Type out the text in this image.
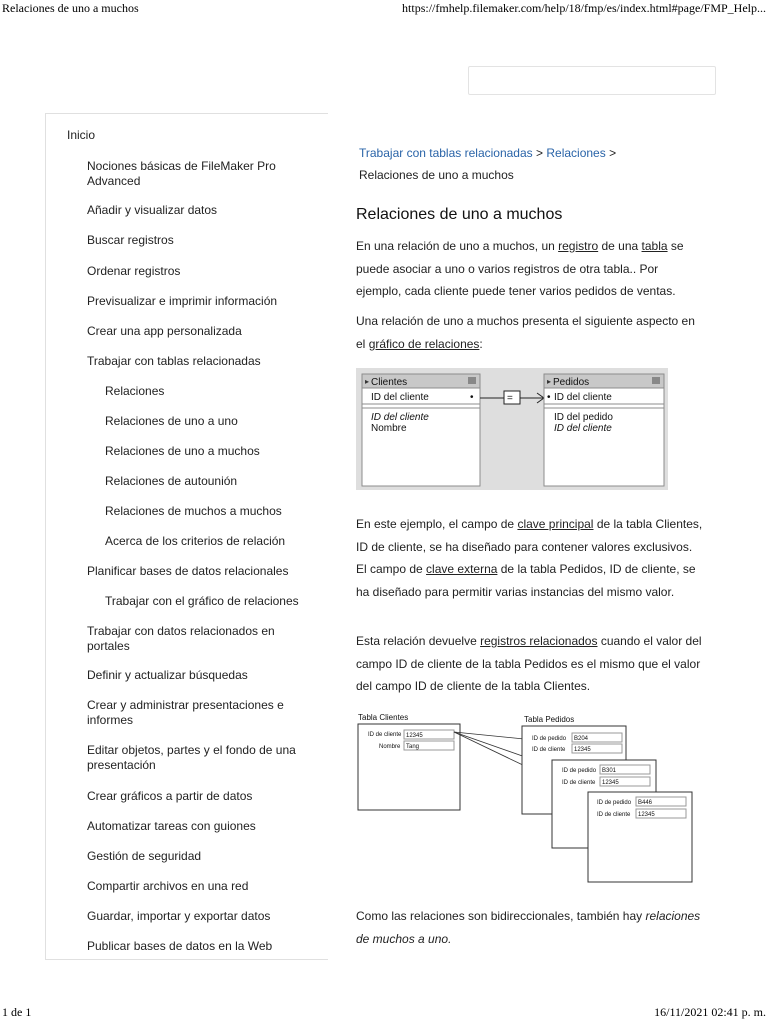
Relaciones de uno a muchos	https://fmhelp.filemaker.com/help/18/fmp/es/index.html#page/FMP_Help...
Inicio
Nociones básicas de FileMaker Pro Advanced
Añadir y visualizar datos
Buscar registros
Ordenar registros
Previsualizar e imprimir información
Crear una app personalizada
Trabajar con tablas relacionadas
Relaciones
Relaciones de uno a uno
Relaciones de uno a muchos
Relaciones de autounión
Relaciones de muchos a muchos
Acerca de los criterios de relación
Planificar bases de datos relacionales
Trabajar con el gráfico de relaciones
Trabajar con datos relacionados en portales
Definir y actualizar búsquedas
Crear y administrar presentaciones e informes
Editar objetos, partes y el fondo de una presentación
Crear gráficos a partir de datos
Automatizar tareas con guiones
Gestión de seguridad
Compartir archivos en una red
Guardar, importar y exportar datos
Publicar bases de datos en la Web
Trabajar con tablas relacionadas > Relaciones >
Relaciones de uno a muchos
Relaciones de uno a muchos

En una relación de uno a muchos, un registro de una tabla se puede asociar a uno o varios registros de otra tabla.. Por ejemplo, cada cliente puede tener varios pedidos de ventas.

Una relación de uno a muchos presenta el siguiente aspecto en el gráfico de relaciones:

▸ Clientes
ID del cliente	•
ID del cliente
Nombre
=
▸ Pedidos
• ID del cliente
ID del pedido
ID del cliente

En este ejemplo, el campo de clave principal de la tabla Clientes, ID de cliente, se ha diseñado para contener valores exclusivos. El campo de clave externa de la tabla Pedidos, ID de cliente, se ha diseñado para permitir varias instancias del mismo valor.

Esta relación devuelve registros relacionados cuando el valor del campo ID de cliente de la tabla Pedidos es el mismo que el valor del campo ID de cliente de la tabla Clientes.

Tabla Clientes	Tabla Pedidos
ID de cliente 12345
Nombre Tang
ID de pedido B204
ID de cliente 12345
ID de pedido B301
ID de cliente 12345
ID de pedido B446
ID de cliente 12345

Como las relaciones son bidireccionales, también hay relaciones de muchos a uno.

1 de 1	16/11/2021 02:41 p. m.
